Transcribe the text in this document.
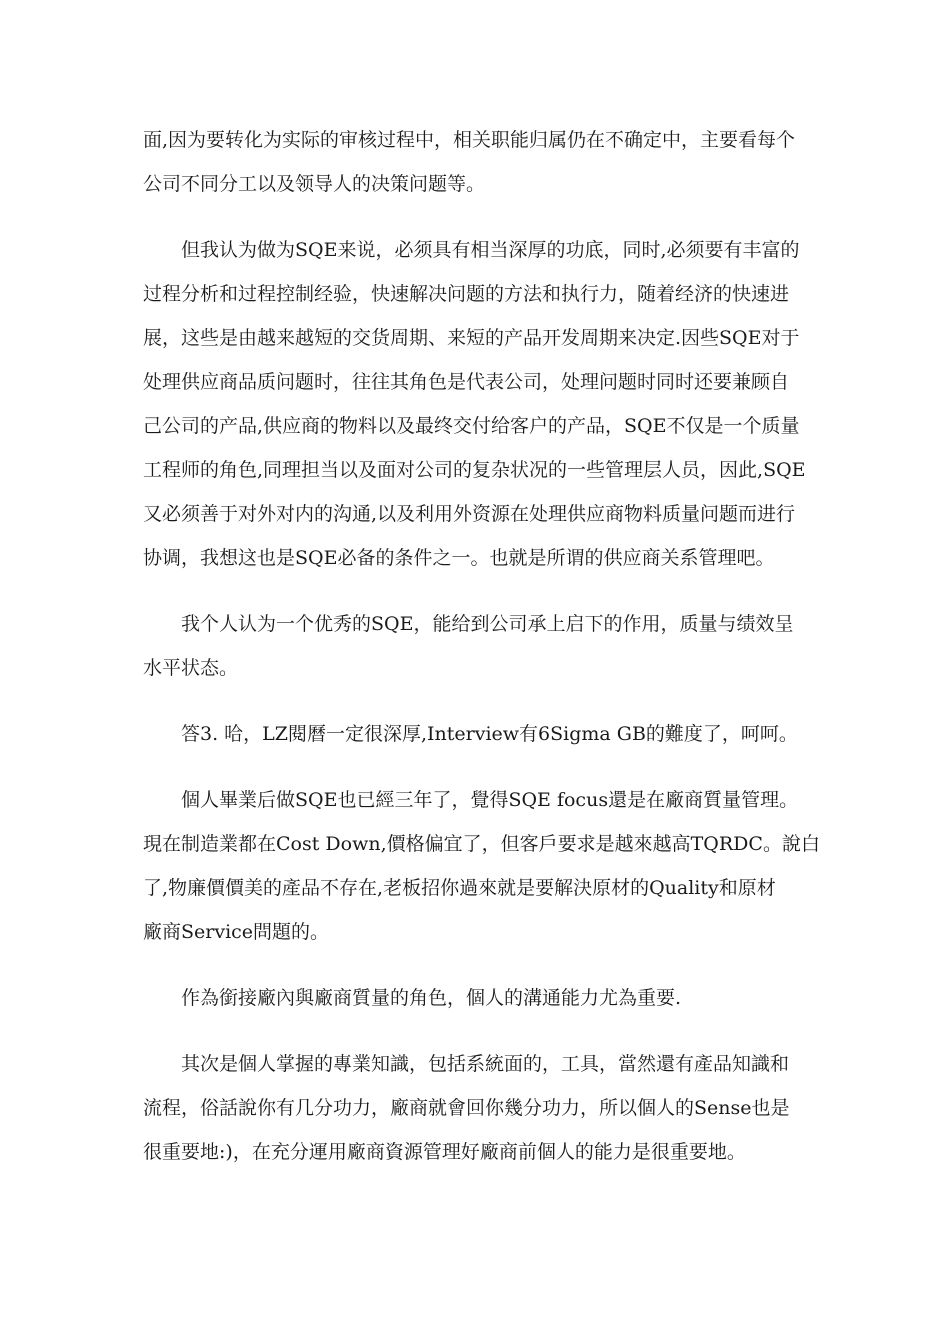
面,因为要转化为实际的审核过程中，相关职能归属仍在不确定中，主要看每个
公司不同分工以及领导人的决策问题等。

但我认为做为SQE来说，必须具有相当深厚的功底，同时,必须要有丰富的
过程分析和过程控制经验，快速解决问题的方法和执行力，随着经济的快速进
展，这些是由越来越短的交货周期、来短的产品开发周期来决定.因些SQE对于
处理供应商品质问题时，往往其角色是代表公司，处理问题时同时还要兼顾自
己公司的产品,供应商的物料以及最终交付给客户的产品，SQE不仅是一个质量
工程师的角色,同理担当以及面对公司的复杂状况的一些管理层人员，因此,SQE
又必须善于对外对内的沟通,以及利用外资源在处理供应商物料质量问题而进行
协调，我想这也是SQE必备的条件之一。也就是所谓的供应商关系管理吧。

我个人认为一个优秀的SQE，能给到公司承上启下的作用，质量与绩效呈
水平状态。

答3. 哈，LZ閱曆一定很深厚,Interview有6Sigma GB的難度了，呵呵。

個人畢業后做SQE也已經三年了，覺得SQE focus還是在廠商質量管理。
現在制造業都在Cost Down,價格偏宜了，但客戶要求是越來越高TQRDC。說白
了,物廉價價美的產品不存在,老板招你過來就是要解決原材的Quality和原材
廠商Service問題的。

作為銜接廠內與廠商質量的角色，個人的溝通能力尤為重要.

其次是個人掌握的專業知識，包括系統面的，工具，當然還有產品知識和
流程，俗話說你有几分功力，廠商就會回你幾分功力，所以個人的Sense也是
很重要地:)，在充分運用廠商資源管理好廠商前個人的能力是很重要地。
